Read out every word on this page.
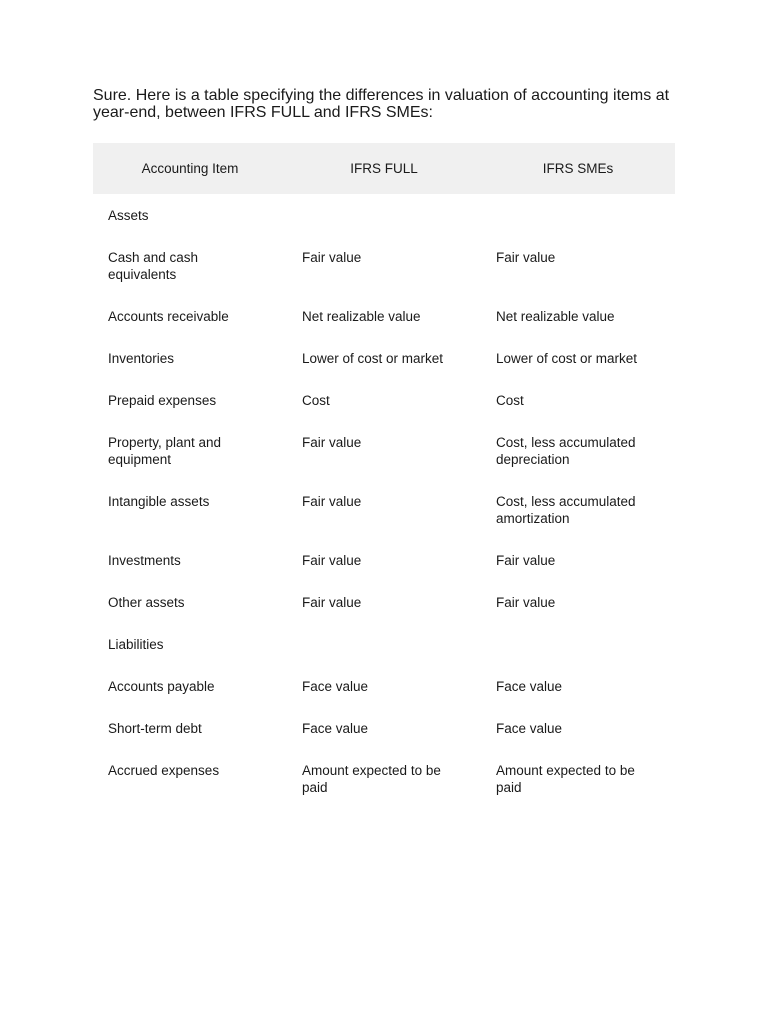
Sure. Here is a table specifying the differences in valuation of accounting items at year-end, between IFRS FULL and IFRS SMEs:

Accounting Item	IFRS FULL	IFRS SMEs
Assets		
Cash and cash equivalents	Fair value	Fair value
Accounts receivable	Net realizable value	Net realizable value
Inventories	Lower of cost or market	Lower of cost or market
Prepaid expenses	Cost	Cost
Property, plant and equipment	Fair value	Cost, less accumulated depreciation
Intangible assets	Fair value	Cost, less accumulated amortization
Investments	Fair value	Fair value
Other assets	Fair value	Fair value
Liabilities		
Accounts payable	Face value	Face value
Short-term debt	Face value	Face value
Accrued expenses	Amount expected to be paid	Amount expected to be paid
